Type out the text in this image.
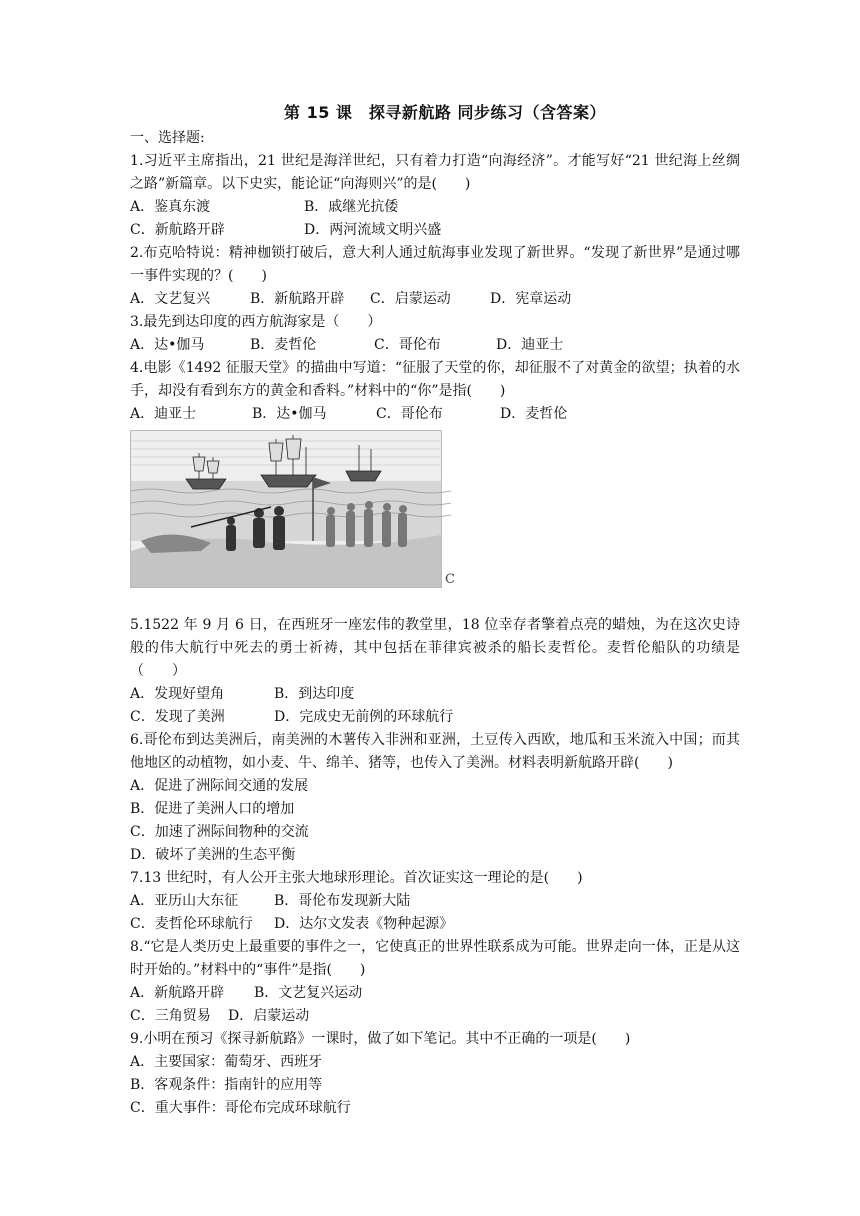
第 15 课　探寻新航路 同步练习（含答案）
一、选择题:
1.习近平主席指出，21 世纪是海洋世纪，只有着力打造“向海经济”。才能写好“21 世纪海上丝绸之路”新篇章。以下史实，能论证“向海则兴”的是(　　)
A．鉴真东渡	B．戚继光抗倭
C．新航路开辟	D．两河流域文明兴盛
2.布克哈特说：精神枷锁打破后，意大利人通过航海事业发现了新世界。“发现了新世界”是通过哪一事件实现的？(　　)
A．文艺复兴	B．新航路开辟	C．启蒙运动	D．宪章运动
3.最先到达印度的西方航海家是（　　）
A．达•伽马	B．麦哲伦	C．哥伦布	D．迪亚士
4.电影《1492 征服天堂》的描曲中写道：“征服了天堂的你，却征服不了对黄金的欲望；执着的水手，却没有看到东方的黄金和香料。”材料中的“你”是指(　　)
A．迪亚士	B．达•伽马	C．哥伦布	D．麦哲伦
C
5.1522 年 9 月 6 日，在西班牙一座宏伟的教堂里，18 位幸存者擎着点亮的蜡烛，为在这次史诗般的伟大航行中死去的勇士祈祷，其中包括在菲律宾被杀的船长麦哲伦。麦哲伦船队的功绩是（　　）
A．发现好望角	B．到达印度
C．发现了美洲	D．完成史无前例的环球航行
6.哥伦布到达美洲后，南美洲的木薯传入非洲和亚洲，土豆传入西欧，地瓜和玉米流入中国；而其他地区的动植物，如小麦、牛、绵羊、猪等，也传入了美洲。材料表明新航路开辟(　　)
A．促进了洲际间交通的发展
B．促进了美洲人口的增加
C．加速了洲际间物种的交流
D．破坏了美洲的生态平衡
7.13 世纪时，有人公开主张大地球形理论。首次证实这一理论的是(　　)
A．亚历山大东征	B．哥伦布发现新大陆
C．麦哲伦环球航行	D．达尔文发表《物种起源》
8.“它是人类历史上最重要的事件之一，它使真正的世界性联系成为可能。世界走向一体，正是从这时开始的。”材料中的“事件”是指(　　)
A．新航路开辟	B．文艺复兴运动
C．三角贸易	D．启蒙运动
9.小明在预习《探寻新航路》一课时，做了如下笔记。其中不正确的一项是(　　)
A．主要国家：葡萄牙、西班牙
B．客观条件：指南针的应用等
C．重大事件：哥伦布完成环球航行
